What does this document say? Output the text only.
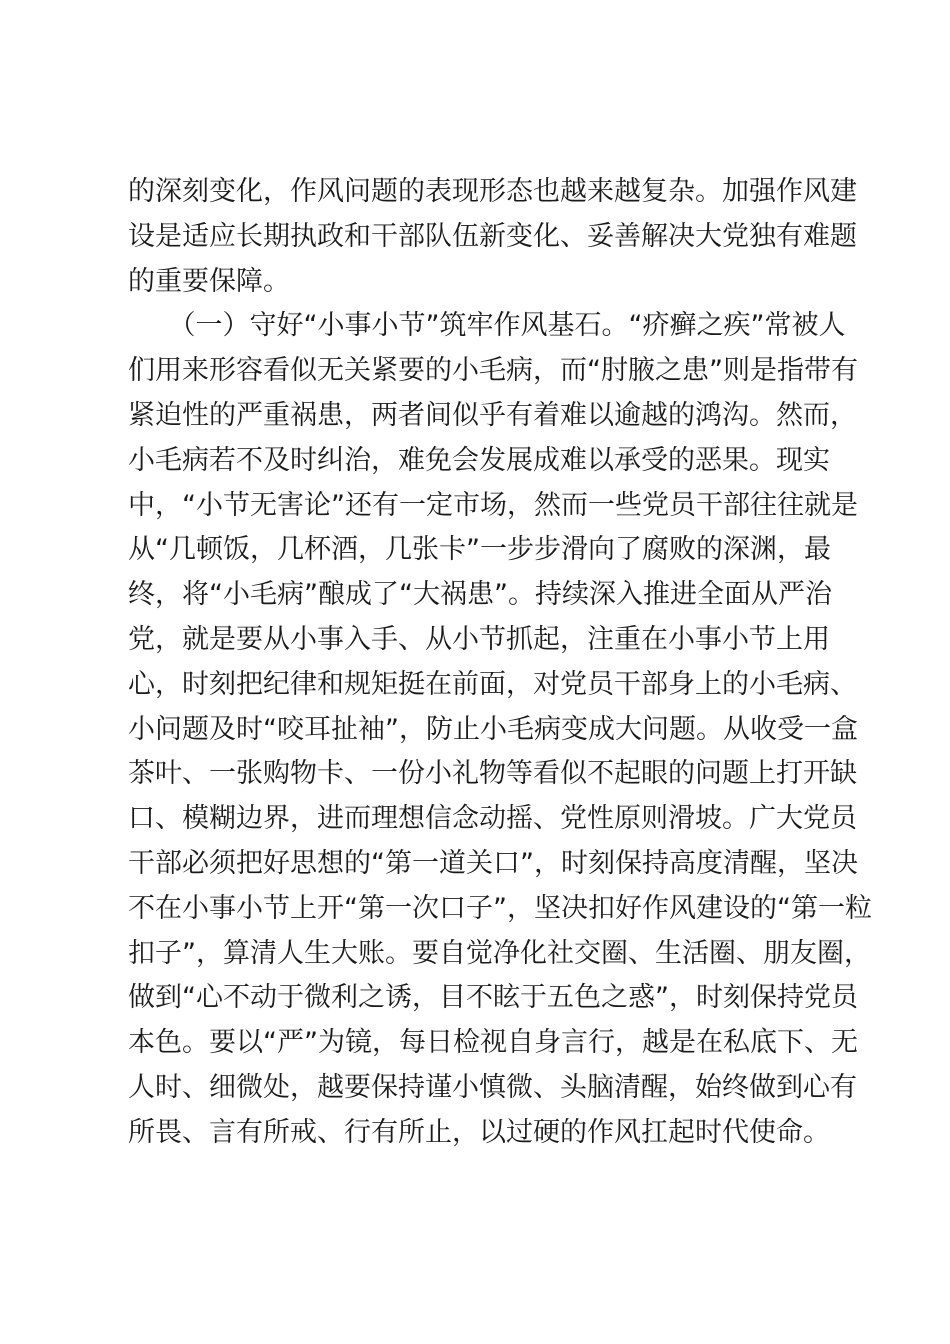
的深刻变化，作风问题的表现形态也越来越复杂。加强作风建
设是适应长期执政和干部队伍新变化、妥善解决大党独有难题
的重要保障。
　　（一）守好“小事小节”筑牢作风基石。“疥癣之疾”常被人
们用来形容看似无关紧要的小毛病，而“肘腋之患”则是指带有
紧迫性的严重祸患，两者间似乎有着难以逾越的鸿沟。然而，
小毛病若不及时纠治，难免会发展成难以承受的恶果。现实
中，“小节无害论”还有一定市场，然而一些党员干部往往就是
从“几顿饭，几杯酒，几张卡”一步步滑向了腐败的深渊，最
终，将“小毛病”酿成了“大祸患”。持续深入推进全面从严治
党，就是要从小事入手、从小节抓起，注重在小事小节上用
心，时刻把纪律和规矩挺在前面，对党员干部身上的小毛病、
小问题及时“咬耳扯袖”，防止小毛病变成大问题。从收受一盒
茶叶、一张购物卡、一份小礼物等看似不起眼的问题上打开缺
口、模糊边界，进而理想信念动摇、党性原则滑坡。广大党员
干部必须把好思想的“第一道关口”，时刻保持高度清醒，坚决
不在小事小节上开“第一次口子”，坚决扣好作风建设的“第一粒
扣子”，算清人生大账。要自觉净化社交圈、生活圈、朋友圈，
做到“心不动于微利之诱，目不眩于五色之惑”，时刻保持党员
本色。要以“严”为镜，每日检视自身言行，越是在私底下、无
人时、细微处，越要保持谨小慎微、头脑清醒，始终做到心有
所畏、言有所戒、行有所止，以过硬的作风扛起时代使命。
